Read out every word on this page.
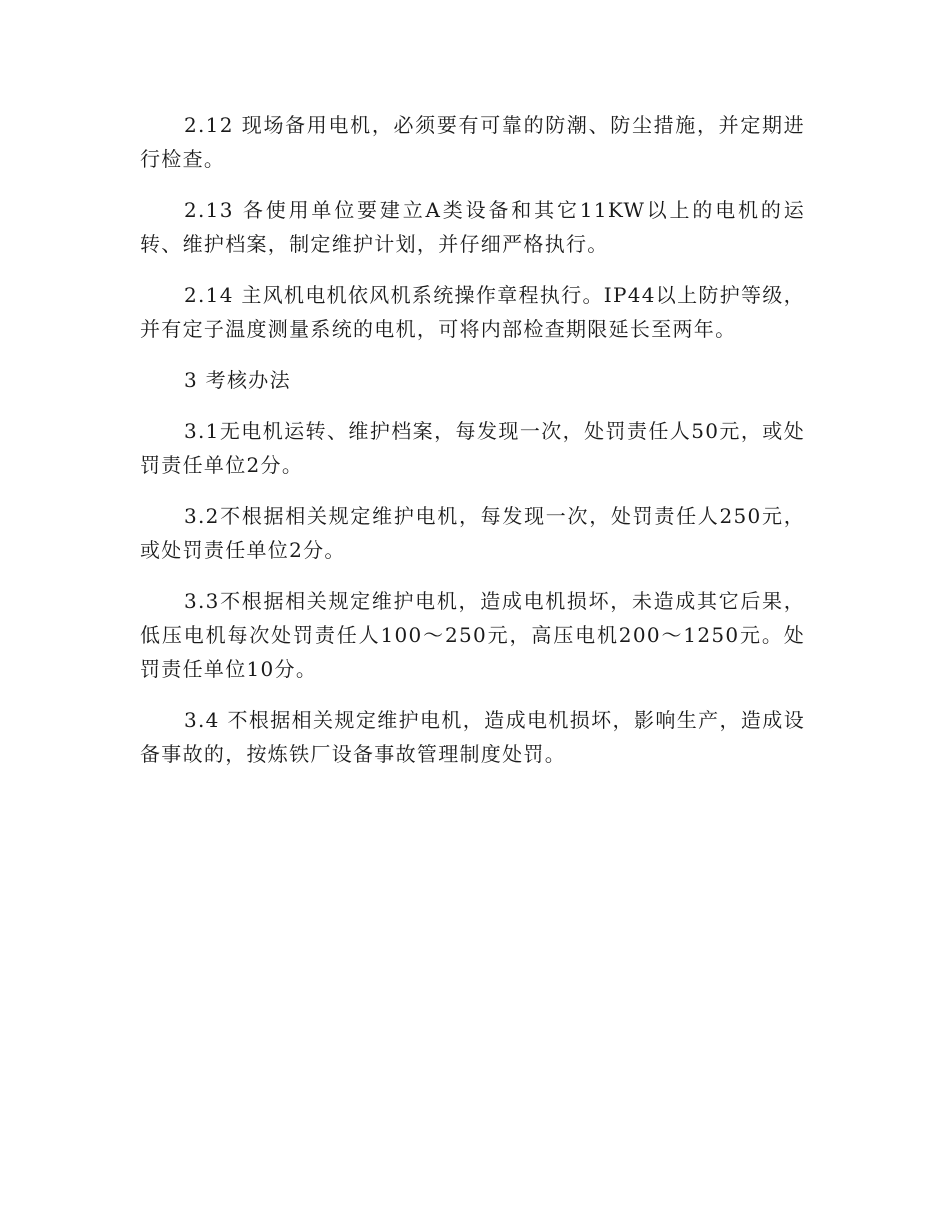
2.12 现场备用电机，必须要有可靠的防潮、防尘措施，并定期进行检查。

2.13 各使用单位要建立A类设备和其它11KW以上的电机的运转、维护档案，制定维护计划，并仔细严格执行。

2.14 主风机电机依风机系统操作章程执行。IP44以上防护等级，并有定子温度测量系统的电机，可将内部检查期限延长至两年。

3 考核办法

3.1无电机运转、维护档案，每发现一次，处罚责任人50元，或处罚责任单位2分。

3.2不根据相关规定维护电机，每发现一次，处罚责任人250元，或处罚责任单位2分。

3.3不根据相关规定维护电机，造成电机损坏，未造成其它后果，低压电机每次处罚责任人100～250元，高压电机200～1250元。处罚责任单位10分。

3.4 不根据相关规定维护电机，造成电机损坏，影响生产，造成设备事故的，按炼铁厂设备事故管理制度处罚。
